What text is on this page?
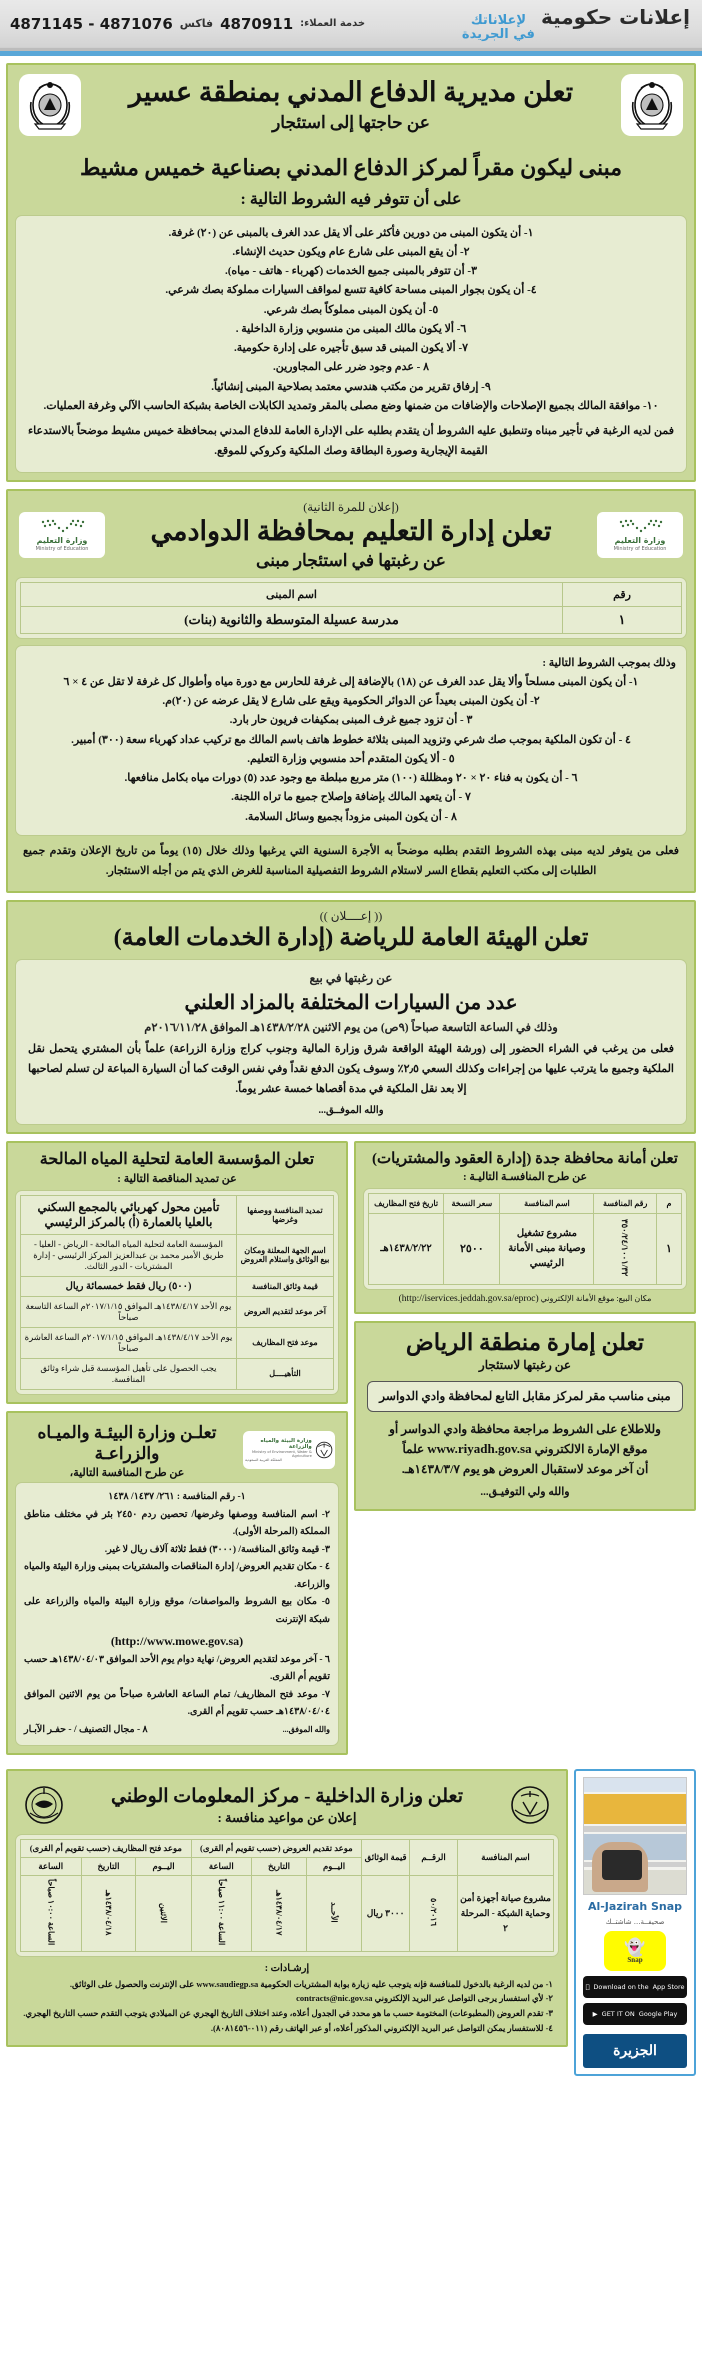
إعلانات حكومية
لإعلاناتك
في الجريدة
خدمة العملاء:
4870911
فاكس
4871076 - 4871145
تعلن مديرية الدفاع المدني بمنطقة عسير
عن حاجتها إلى استئجار
مبنى ليكون مقراً لمركز الدفاع المدني بصناعية خميس مشيط
على أن تتوفر فيه الشروط التالية :
١- أن يتكون المبنى من دورين فأكثر على ألا يقل عدد الغرف بالمبنى عن (٢٠) غرفة.
٢- أن يقع المبنى على شارع عام ويكون حديث الإنشاء.
٣- أن تتوفر بالمبنى جميع الخدمات (كهرباء - هاتف - مياه).
٤- أن يكون بجوار المبنى مساحة كافية تتسع لمواقف السيارات مملوكة بصك شرعي.
٥- أن يكون المبنى مملوكاً بصك شرعي.
٦- ألا يكون مالك المبنى من منسوبي وزارة الداخلية .
٧- ألا يكون المبنى قد سبق تأجيره على إدارة حكومية.
٨ - عدم وجود ضرر على المجاورين.
٩- إرفاق تقرير من مكتب هندسي معتمد بصلاحية المبنى إنشائياً.
١٠- موافقة المالك بجميع الإصلاحات والإضافات من ضمنها وضع مصلى بالمقر وتمديد الكابلات الخاصة بشبكة الحاسب الآلي وغرفة العمليات.
فمن لديه الرغبة في تأجير مبناه وتنطبق عليه الشروط أن يتقدم بطلبه على الإدارة العامة للدفاع المدني بمحافظة خميس مشيط موضحاً بالاستدعاء القيمة الإيجارية وصورة البطاقة وصك الملكية وكروكي للموقع.
وزارة التعليم
Ministry of Education
(إعلان للمرة الثانية)
تعلن إدارة التعليم بمحافظة الدوادمي
عن رغبتها في استئجار مبنى
وزارة التعليم
Ministry of Education
رقم	اسم المبنى
١	مدرسة عسيلة المتوسطة والثانوية (بنات)
وذلك بموجب الشروط التالية :
١- أن يكون المبنى مسلحاً وألا يقل عدد الغرف عن (١٨) بالإضافة إلى غرفة للحارس مع دورة مياه وأطوال كل غرفة لا تقل عن ٤ × ٦
٢- أن يكون المبنى بعيداً عن الدوائر الحكومية ويقع على شارع لا يقل عرضه عن (٢٠)م.
٣ - أن تزود جميع غرف المبنى بمكيفات فريون حار بارد.
٤ - أن تكون الملكية بموجب صك شرعي وتزويد المبنى بثلاثة خطوط هاتف باسم المالك مع تركيب عداد كهرباء سعة (٣٠٠) أمبير.
٥ - ألا يكون المتقدم أحد منسوبي وزارة التعليم.
٦ - أن يكون به فناء ٢٠ × ٢٠ ومظللة (١٠٠) متر مربع مبلطة مع وجود عدد (٥) دورات مياه بكامل منافعها.
٧ - أن يتعهد المالك بإضافة وإصلاح جميع ما تراه اللجنة.
٨ - أن يكون المبنى مزوداً بجميع وسائل السلامة.
فعلى من يتوفر لديه مبنى بهذه الشروط التقدم بطلبه موضحاً به الأجرة السنوية التي يرغبها وذلك خلال (١٥) يوماً من تاريخ الإعلان وتقدم جميع الطلبات إلى مكتب التعليم بقطاع السر لاستلام الشروط التفصيلية المناسبة للغرض الذي يتم من أجله الاستئجار.
(( إعــــلان ))
تعلن الهيئة العامة للرياضة (إدارة الخدمات العامة)
عن رغبتها في بيع
عدد من السيارات المختلفة بالمزاد العلني
وذلك في الساعة التاسعة صباحاً (٩ص) من يوم الاثنين ١٤٣٨/٢/٢٨هـ الموافق ٢٠١٦/١١/٢٨م
فعلى من يرغب في الشراء الحضور إلى (ورشة الهيئة الواقعة شرق وزارة المالية وجنوب كراج وزارة الزراعة) علماً بأن المشتري يتحمل نقل الملكية وجميع ما يترتب عليها من إجراءات وكذلك السعي ٢٫٥٪ وسوف يكون الدفع نقداً وفي نفس الوقت كما أن السيارة المباعة لن تسلم لصاحبها إلا بعد نقل الملكية في مدة أقصاها خمسة عشر يوماً.
والله الموفــق...
تعلن أمانة محافظة جدة (إدارة العقود والمشتريات)
عن طرح المنافسـة التاليـة :
م	رقم المنافسة	اسم المنافسة	سعر النسخة	تاريخ فتح المظاريف
١	٣٥٠/٢٤/١٠٠١/٣٢	مشروع تشغيل وصيانة مبنى الأمانة الرئيسي	٢٥٠٠	١٤٣٨/٢/٢٢هـ
مكان البيع: موقع الأمانة الإلكتروني (http://iservices.jeddah.gov.sa/eproc)
تعلن إمارة منطقة الرياض
عن رغبتها لاستئجار
مبنى مناسب مقر لمركز مقابل التابع لمحافظة وادي الدواسر
وللاطلاع على الشروط مراجعة محافظة وادي الدواسر أو
موقع الإمارة الالكتروني www.riyadh.gov.sa علماً
أن آخر موعد لاستقبال العروض هو يوم ١٤٣٨/٣/٧هـ.
والله ولي التوفيـق...
تعلن المؤسسة العامة لتحلية المياه المالحة
عن تمديد المناقصة التالية :
تمديد المنافسة ووصفها وغرضها	تأمين محول كهربائي بالمجمع السكني بالعليا بالعمارة (أ) بالمركز الرئيسي
اسم الجهة المعلنة ومكان بيع الوثائق واستلام العروض	المؤسسة العامة لتحلية المياه المالحة - الرياض - العليا - طريق الأمير محمد بن عبدالعزيز المركز الرئيسي - إدارة المشتريات - الدور الثالث.
قيمة وثائق المنافسة	(٥٠٠) ريال فقط خمسمائة ريال
آخر موعد لتقديم العروض	يوم الأحد ١٤٣٨/٤/١٧هـ الموافق ٢٠١٧/١/١٥م الساعة التاسعة صباحاً
موعد فتح المظاريف	يوم الأحد ١٤٣٨/٤/١٧هـ الموافق ٢٠١٧/١/١٥م الساعة العاشرة صباحاً
التأهيــــل	يجب الحصول على تأهيل المؤسسة قبل شراء وثائق المنافسة.
وزارة البيئة والمياه والزراعة
Ministry of Environment, Water & Agriculture
المملكة العربية السعودية
تعلـن وزارة البيئـة والميـاه والزراعـة
عن طرح المنافسة التالية،
١- رقم المنافسة : ٢٦١/ ١٤٣٧/ ١٤٣٨
٢- اسم المنافسة ووصفها وغرضها/ تحصين ردم ٢٤٥٠ بئر في مختلف مناطق المملكة (المرحلة الأولى).
٣- قيمة وثائق المنافسة/ (٣٠٠٠) فقط ثلاثة آلاف ريال لا غير.
٤ - مكان تقديم العروض/ إدارة المناقصات والمشتريات بمبنى وزارة البيئة والمياه والزراعة.
٥- مكان بيع الشروط والمواصفات/ موقع وزارة البيئة والمياه والزراعة على شبكة الإنترنت
(http://www.mowe.gov.sa)
٦ - آخر موعد لتقديم العروض/ نهاية دوام يوم الأحد الموافق ١٤٣٨/٠٤/٠٣هـ حسب تقويم أم القرى.
٧- موعد فتح المظاريف/ تمام الساعة العاشرة صباحاً من يوم الاثنين الموافق ١٤٣٨/٠٤/٠٤هـ حسب تقويم أم القرى.
والله الموفق...
٨ - مجال التصنيف / - حفـر الآبـار
Al-Jazirah Snap
صحيفــة... شاشتــك
👻
Snap
Download on the App Store
▶ GET IT ON Google Play
الجزيرة
تعلن وزارة الداخلية - مركز المعلومات الوطني
إعلان عن مواعيد منافسة :
اسم المنافسة	الرقــم	قيمة الوثائق	موعد تقديم العروض (حسب تقويم أم القرى)			موعد فتح المظاريف (حسب تقويم أم القرى)		
			اليــوم	التاريخ	الساعة	اليــوم	التاريخ	الساعة
مشروع صيانة أجهزة أمن وحماية الشبكة - المرحلة ٢	٥٠/٢٠١٦	٣٠٠٠ ريال	الأحــد	١٤٣٨/٠٤/١٧هـ	الساعة ١١:٠٠ صباحاً	الاثنين	١٤٣٨/٠٤/١٨هـ	الساعة ١٠:٠٠ صباحاً
إرشـادات :
١- من لديه الرغبة بالدخول للمنافسة فإنه يتوجب عليه زيارة بوابة المشتريات الحكومية www.saudiegp.sa على الإنترنت والحصول على الوثائق.
٢- لأي استفسار يرجى التواصل عبر البريد الإلكتروني contracts@nic.gov.sa
٣- تقدم العروض (المطبوعات) المختومة حسب ما هو محدد في الجدول أعلاه، وعند اختلاف التاريخ الهجري عن الميلادي يتوجب التقدم حسب التاريخ الهجري.
٤- للاستفسار يمكن التواصل عبر البريد الإلكتروني المذكور أعلاه، أو عبر الهاتف رقم (٠١١-٨٠٨١٤٥٦).
